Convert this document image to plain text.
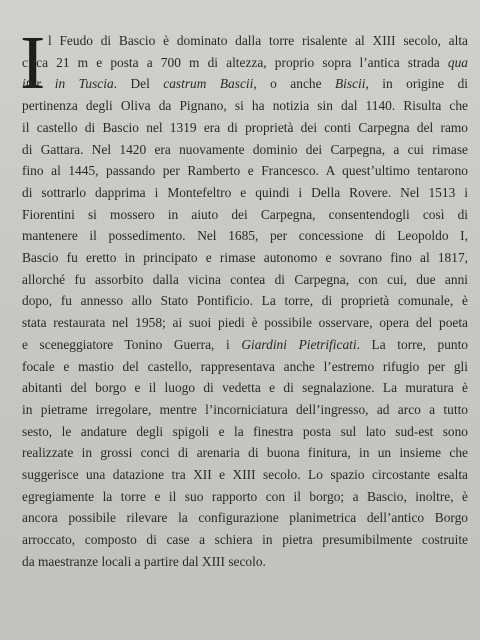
I l Feudo di Bascio è dominato dalla torre risalente al XIII secolo, alta
circa 21 m e posta a 700 m di altezza, proprio sopra l’antica strada qua
itur in Tuscia. Del castrum Bascii, o anche Biscii, in origine di
pertinenza degli Oliva da Pignano, si ha notizia sin dal 1140. Risulta che
il castello di Bascio nel 1319 era di proprietà dei conti Carpegna del ramo
di Gattara. Nel 1420 era nuovamente dominio dei Carpegna, a cui rimase
fino al 1445, passando per Ramberto e Francesco. A quest’ultimo tentarono
di sottrarlo dapprima i Montefeltro e quindi i Della Rovere. Nel 1513 i
Fiorentini si mossero in aiuto dei Carpegna, consentendogli così di
mantenere il possedimento. Nel 1685, per concessione di Leopoldo I,
Bascio fu eretto in principato e rimase autonomo e sovrano fino al 1817,
allorché fu assorbito dalla vicina contea di Carpegna, con cui, due anni
dopo, fu annesso allo Stato Pontificio. La torre, di proprietà comunale, è
stata restaurata nel 1958; ai suoi piedi è possibile osservare, opera del poeta
e sceneggiatore Tonino Guerra, i Giardini Pietrificati. La torre, punto
focale e mastio del castello, rappresentava anche l’estremo rifugio per gli
abitanti del borgo e il luogo di vedetta e di segnalazione. La muratura è
in pietrame irregolare, mentre l’incorniciatura dell’ingresso, ad arco a tutto
sesto, le andature degli spigoli e la finestra posta sul lato sud-est sono
realizzate in grossi conci di arenaria di buona finitura, in un insieme che
suggerisce una datazione tra XII e XIII secolo. Lo spazio circostante esalta
egregiamente la torre e il suo rapporto con il borgo; a Bascio, inoltre, è
ancora possibile rilevare la configurazione planimetrica dell’antico Borgo
arroccato, composto di case a schiera in pietra presumibilmente costruite
da maestranze locali a partire dal XIII secolo.
